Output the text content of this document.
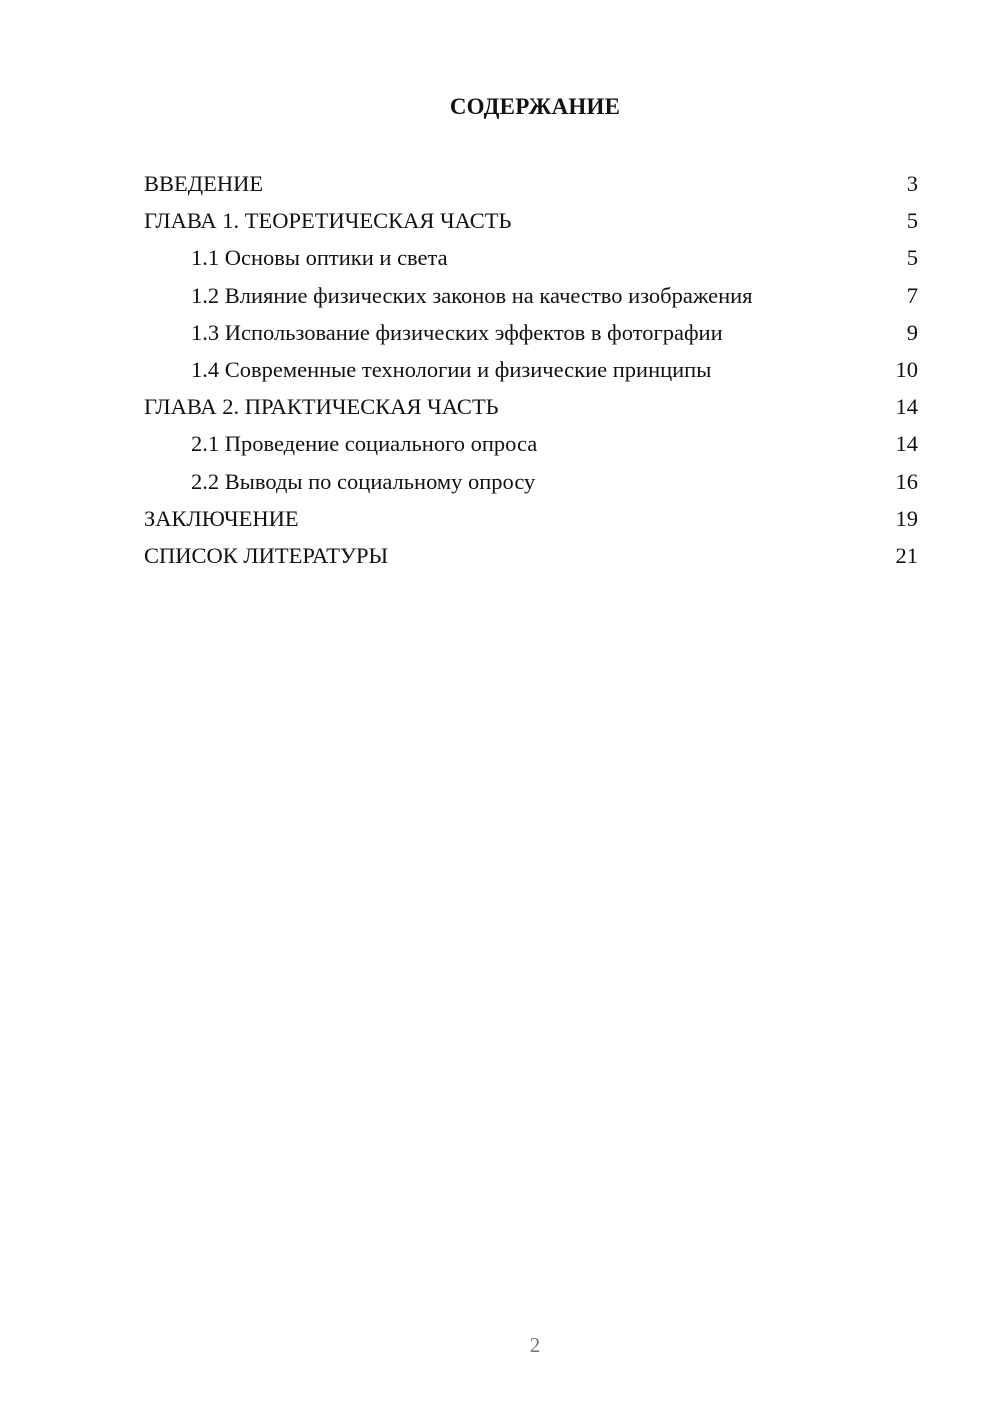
СОДЕРЖАНИЕ
ВВЕДЕНИЕ	3
ГЛАВА 1. ТЕОРЕТИЧЕСКАЯ ЧАСТЬ	5
1.1 Основы оптики и света	5
1.2 Влияние физических законов на качество изображения	7
1.3 Использование физических эффектов в фотографии	9
1.4 Современные технологии и физические принципы	10
ГЛАВА 2. ПРАКТИЧЕСКАЯ ЧАСТЬ	14
2.1 Проведение социального опроса	14
2.2 Выводы по социальному опросу	16
ЗАКЛЮЧЕНИЕ	19
СПИСОК ЛИТЕРАТУРЫ	21
2
